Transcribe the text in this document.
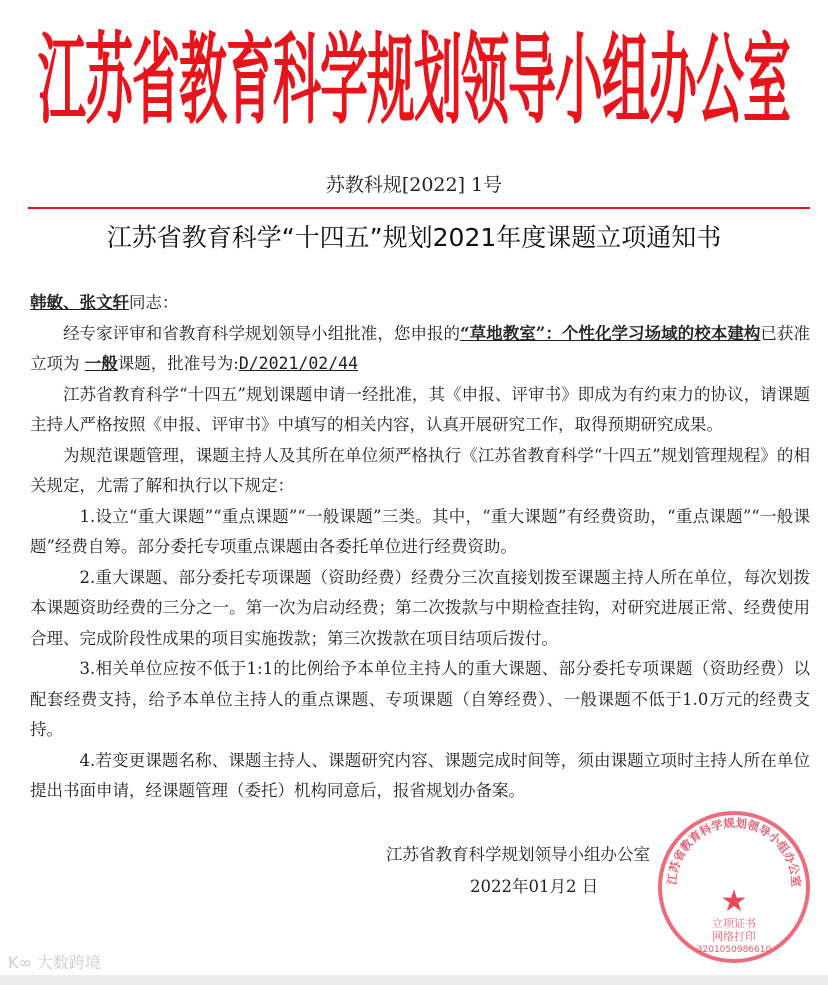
江苏省教育科学规划领导小组办公室
苏教科规[2022] 1号
江苏省教育科学“十四五”规划2021年度课题立项通知书

韩敏、张文轩同志：

经专家评审和省教育科学规划领导小组批准，您申报的“草地教室”：个性化学习场域的校本建构已获准立项为 一般课题，批准号为:D/2021/02/44

江苏省教育科学“十四五”规划课题申请一经批准，其《申报、评审书》即成为有约束力的协议，请课题主持人严格按照《申报、评审书》中填写的相关内容，认真开展研究工作，取得预期研究成果。

为规范课题管理，课题主持人及其所在单位须严格执行《江苏省教育科学“十四五”规划管理规程》的相关规定，尤需了解和执行以下规定：

1.设立“重大课题”“重点课题”“一般课题”三类。其中，“重大课题”有经费资助，“重点课题”“一般课题”经费自筹。部分委托专项重点课题由各委托单位进行经费资助。

2.重大课题、部分委托专项课题（资助经费）经费分三次直接划拨至课题主持人所在单位，每次划拨本课题资助经费的三分之一。第一次为启动经费；第二次拨款与中期检查挂钩，对研究进展正常、经费使用合理、完成阶段性成果的项目实施拨款；第三次拨款在项目结项后拨付。

3.相关单位应按不低于1:1的比例给予本单位主持人的重大课题、部分委托专项课题（资助经费）以配套经费支持，给予本单位主持人的重点课题、专项课题（自筹经费）、一般课题不低于1.0万元的经费支持。

4.若变更课题名称、课题主持人、课题研究内容、课题完成时间等，须由课题立项时主持人所在单位提出书面申请，经课题管理（委托）机构同意后，报省规划办备案。

江苏省教育科学规划领导小组办公室
2022年01月2 日	江苏省教育科学规划领导小组办公室
★
立项证书
网络打印
3201050986610
K∞ 大数跨境
